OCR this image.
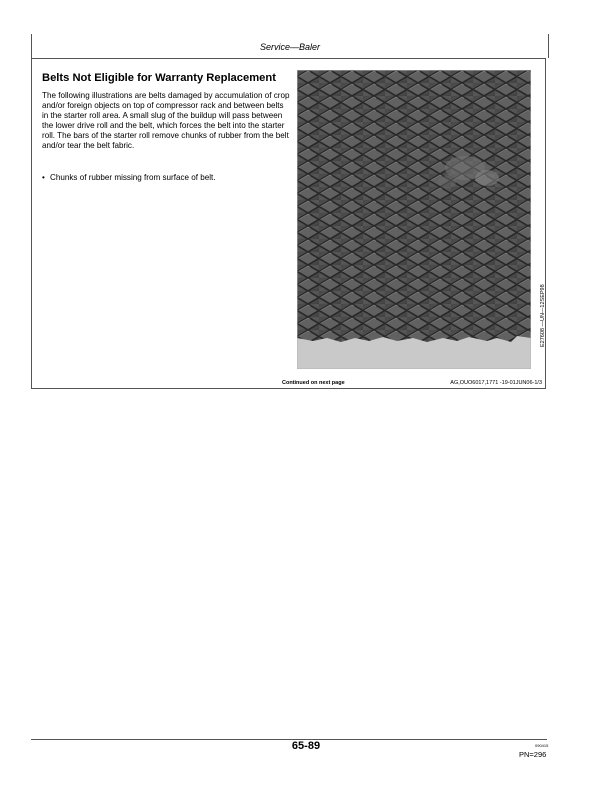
Service—Baler
Belts Not Eligible for Warranty Replacement
The following illustrations are belts damaged by accumulation of crop and/or foreign objects on top of compressor rack and between belts in the starter roll area. A small slug of the buildup will pass between the lower drive roll and the belt, which forces the belt into the starter roll. The bars of the starter roll remove chunks of rubber from the belt and/or tear the belt fabric.
• Chunks of rubber missing from surface of belt.
E27608 —UN—12SEP98
Continued on next page	AG,OUO6017,1771 -19-01JUN06-1/3
65-89	090415
PN=296
